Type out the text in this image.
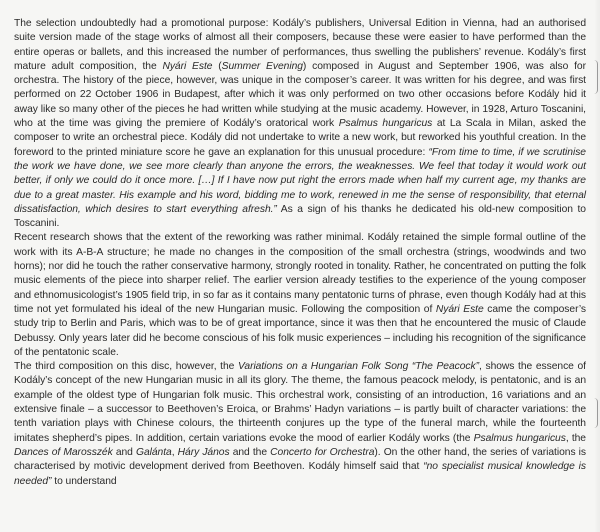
The selection undoubtedly had a promotional purpose: Kodály’s publishers, Universal Edition in Vienna, had an authorised suite version made of the stage works of almost all their composers, because these were easier to have performed than the entire operas or ballets, and this increased the number of performances, thus swelling the publishers’ revenue. Kodály’s first mature adult composition, the Nyári Este (Summer Evening) composed in August and September 1906, was also for orchestra. The history of the piece, however, was unique in the composer’s career. It was written for his degree, and was first performed on 22 October 1906 in Budapest, after which it was only performed on two other occasions before Kodály hid it away like so many other of the pieces he had written while studying at the music academy. However, in 1928, Arturo Toscanini, who at the time was giving the premiere of Kodály’s oratorical work Psalmus hungaricus at La Scala in Milan, asked the composer to write an orchestral piece. Kodály did not undertake to write a new work, but reworked his youthful creation. In the foreword to the printed miniature score he gave an explanation for this unusual procedure: “From time to time, if we scrutinise the work we have done, we see more clearly than anyone the errors, the weaknesses. We feel that today it would work out better, if only we could do it once more. […] If I have now put right the errors made when half my current age, my thanks are due to a great master. His example and his word, bidding me to work, renewed in me the sense of responsibility, that eternal dissatisfaction, which desires to start everything afresh.” As a sign of his thanks he dedicated his old-new composition to Toscanini.

Recent research shows that the extent of the reworking was rather minimal. Kodály retained the simple formal outline of the work with its A-B-A structure; he made no changes in the composition of the small orchestra (strings, woodwinds and two horns); nor did he touch the rather conservative harmony, strongly rooted in tonality. Rather, he concentrated on putting the folk music elements of the piece into sharper relief. The earlier version already testifies to the experience of the young composer and ethnomusicologist’s 1905 field trip, in so far as it contains many pentatonic turns of phrase, even though Kodály had at this time not yet formulated his ideal of the new Hungarian music. Following the composition of Nyári Este came the composer’s study trip to Berlin and Paris, which was to be of great importance, since it was then that he encountered the music of Claude Debussy. Only years later did he become conscious of his folk music experiences – including his recognition of the significance of the pentatonic scale.

The third composition on this disc, however, the Variations on a Hungarian Folk Song “The Peacock”, shows the essence of Kodály’s concept of the new Hungarian music in all its glory. The theme, the famous peacock melody, is pentatonic, and is an example of the oldest type of Hungarian folk music. This orchestral work, consisting of an introduction, 16 variations and an extensive finale – a successor to Beethoven’s Eroica, or Brahms’ Hadyn variations – is partly built of character variations: the tenth variation plays with Chinese colours, the thirteenth conjures up the type of the funeral march, while the fourteenth imitates shepherd’s pipes. In addition, certain variations evoke the mood of earlier Kodály works (the Psalmus hungaricus, the Dances of Marosszék and Galánta, Háry János and the Concerto for Orchestra). On the other hand, the series of variations is characterised by motivic development derived from Beethoven. Kodály himself said that “no specialist musical knowledge is needed” to understand
